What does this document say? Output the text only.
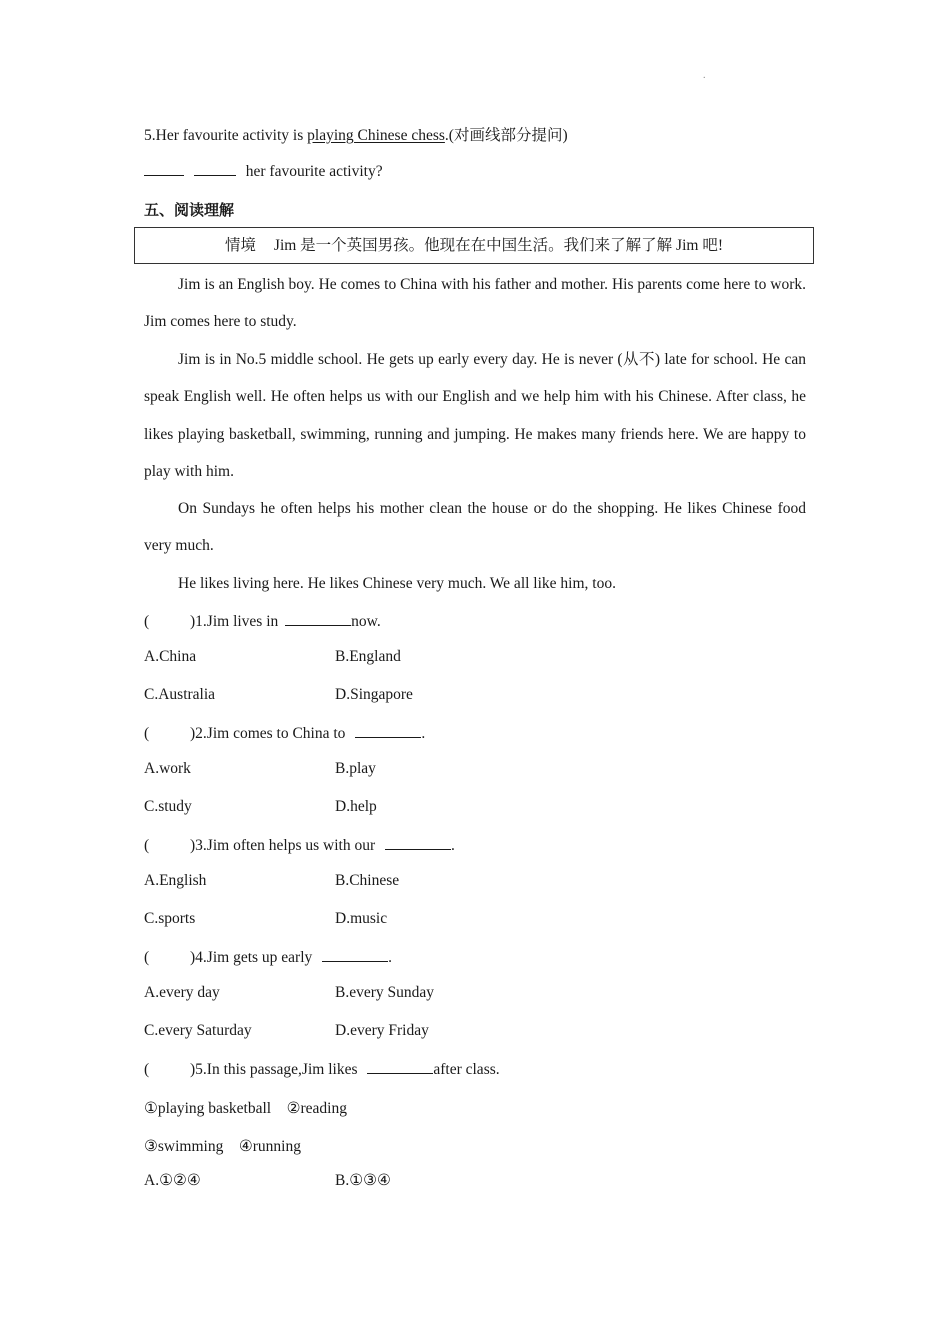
.
5.Her favourite activity is playing Chinese chess.(对画线部分提问)
her favourite activity?
五、阅读理解
情境 Jim 是一个英国男孩。他现在在中国生活。我们来了解了解 Jim 吧!
Jim is an English boy. He comes to China with his father and mother. His parents come here to work. Jim comes here to study.
Jim is in No.5 middle school. He gets up early every day. He is never (从不) late for school. He can speak English well. He often helps us with our English and we help him with his Chinese. After class, he likes playing basketball, swimming, running and jumping. He makes many friends here. We are happy to play with him.
On Sundays he often helps his mother clean the house or do the shopping. He likes Chinese food very much.
He likes living here. He likes Chinese very much. We all like him, too.
(	)1.Jim lives in	now.
A.China	B.England
C.Australia	D.Singapore
(	)2.Jim comes to China to	.
A.work	B.play
C.study	D.help
(	)3.Jim often helps us with our	.
A.English	B.Chinese
C.sports	D.music
(	)4.Jim gets up early	.
A.every day	B.every Sunday
C.every Saturday	D.every Friday
(	)5.In this passage,Jim likes	after class.
①playing basketball　②reading
③swimming　④running
A.①②④	B.①③④
